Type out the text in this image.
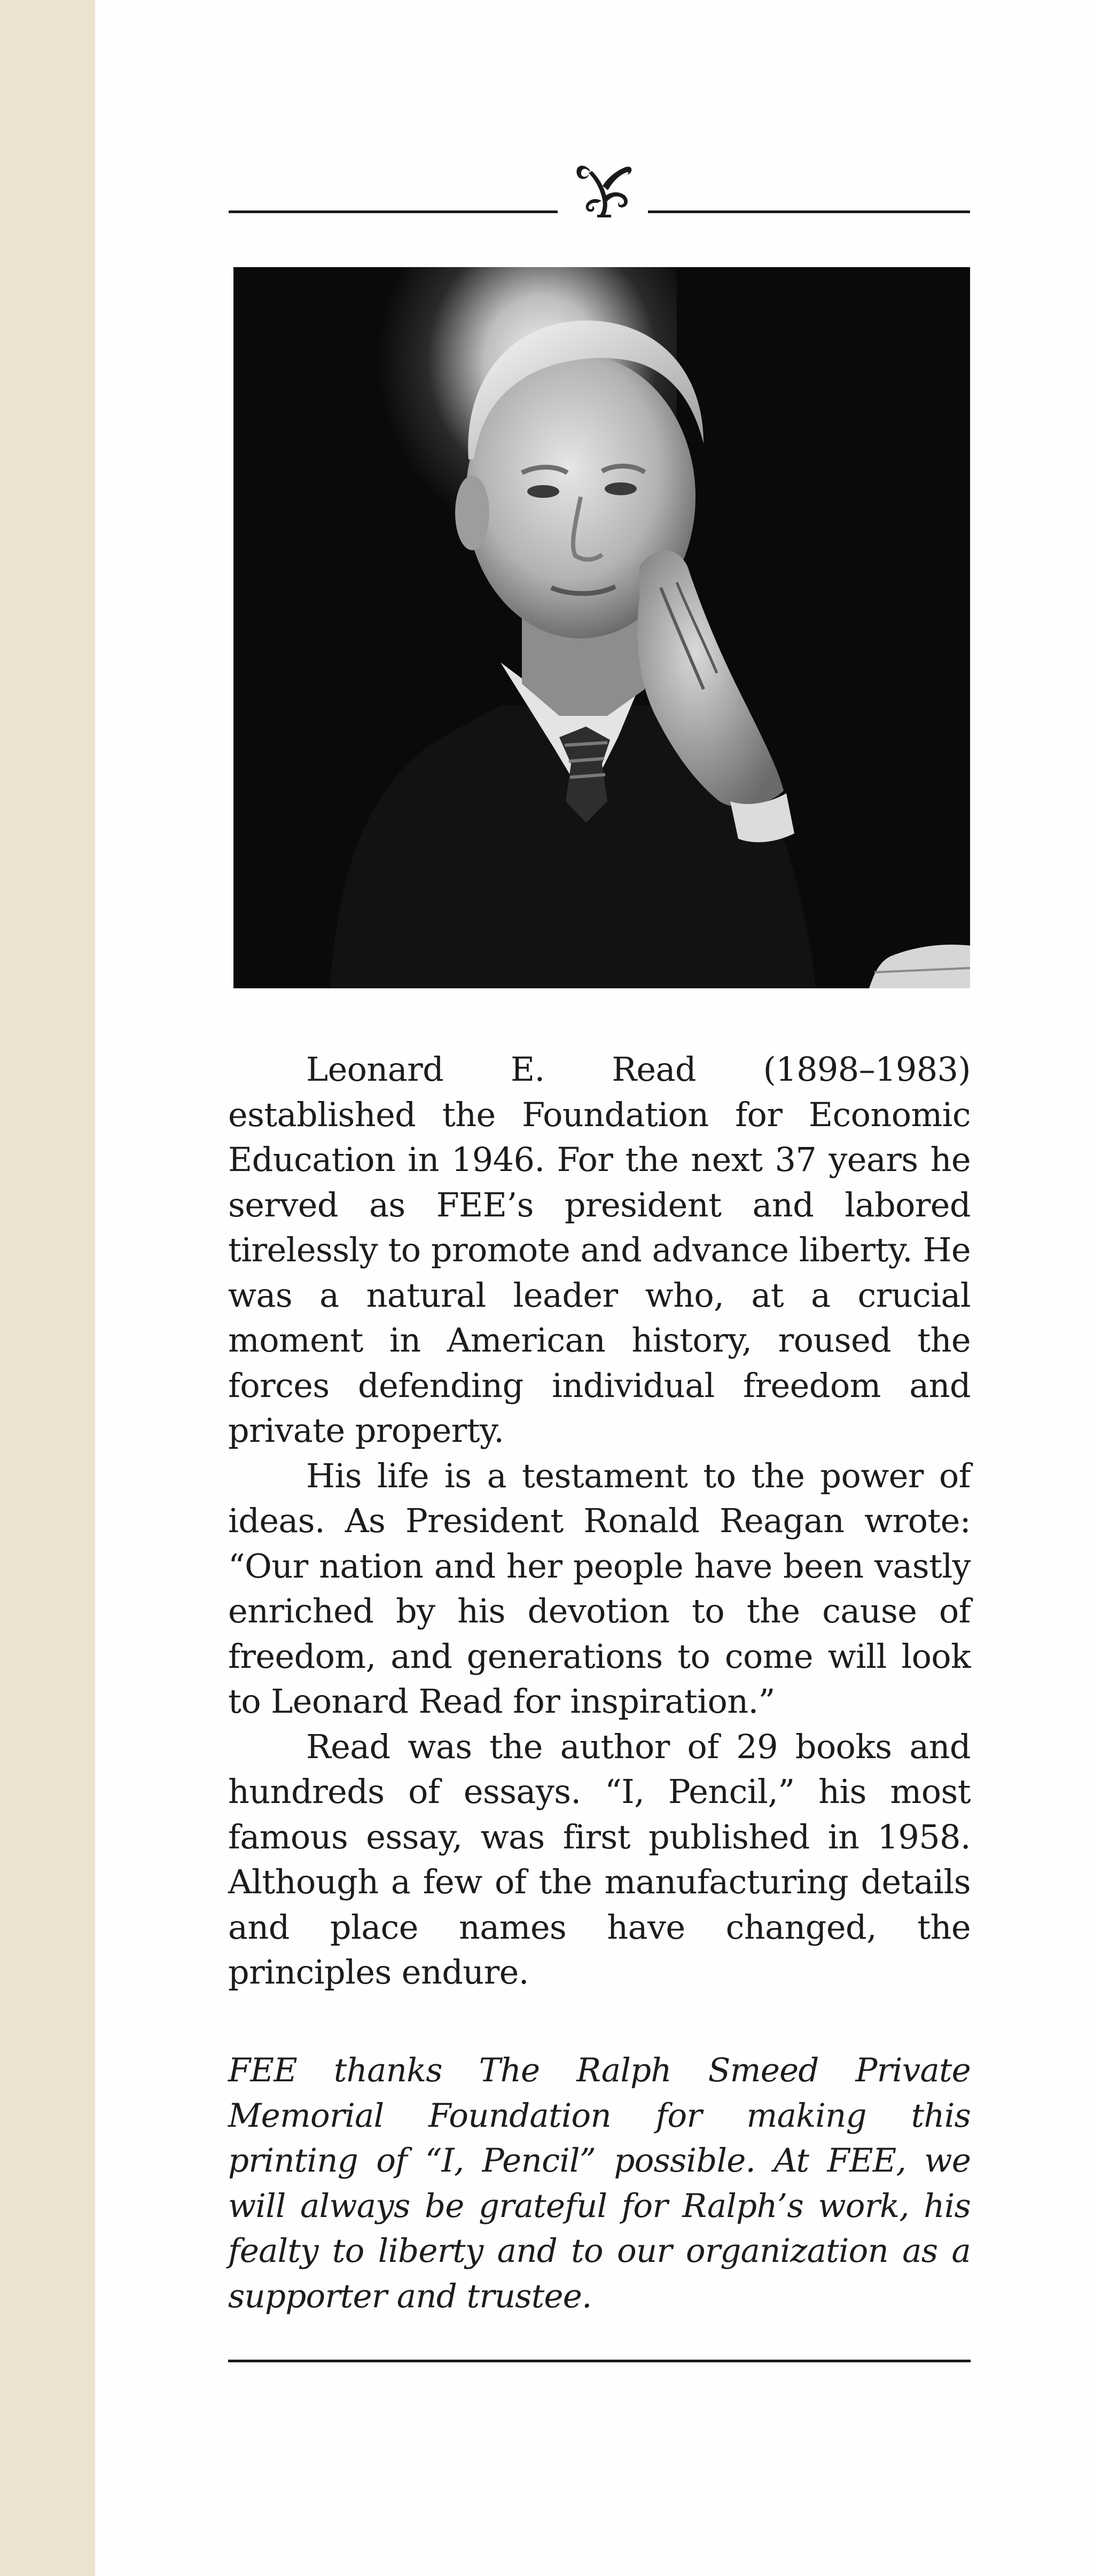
Leonard E. Read (1898–1983) established the Foundation for Economic Education in 1946. For the next 37 years he served as FEE’s president and labored tirelessly to promote and advance liberty. He was a natural leader who, at a crucial moment in American history, roused the forces defending individual freedom and private property.

His life is a testament to the power of ideas. As President Ronald Reagan wrote: “Our nation and her people have been vastly enriched by his devotion to the cause of freedom, and generations to come will look to Leonard Read for inspiration.”

Read was the author of 29 books and hundreds of essays. “I, Pencil,” his most famous essay, was first published in 1958. Although a few of the manufacturing details and place names have changed, the principles endure.

FEE thanks The Ralph Smeed Private Memorial Foundation for making this printing of “I, Pencil” possible. At FEE, we will always be grateful for Ralph’s work, his fealty to liberty and to our organization as a supporter and trustee.
